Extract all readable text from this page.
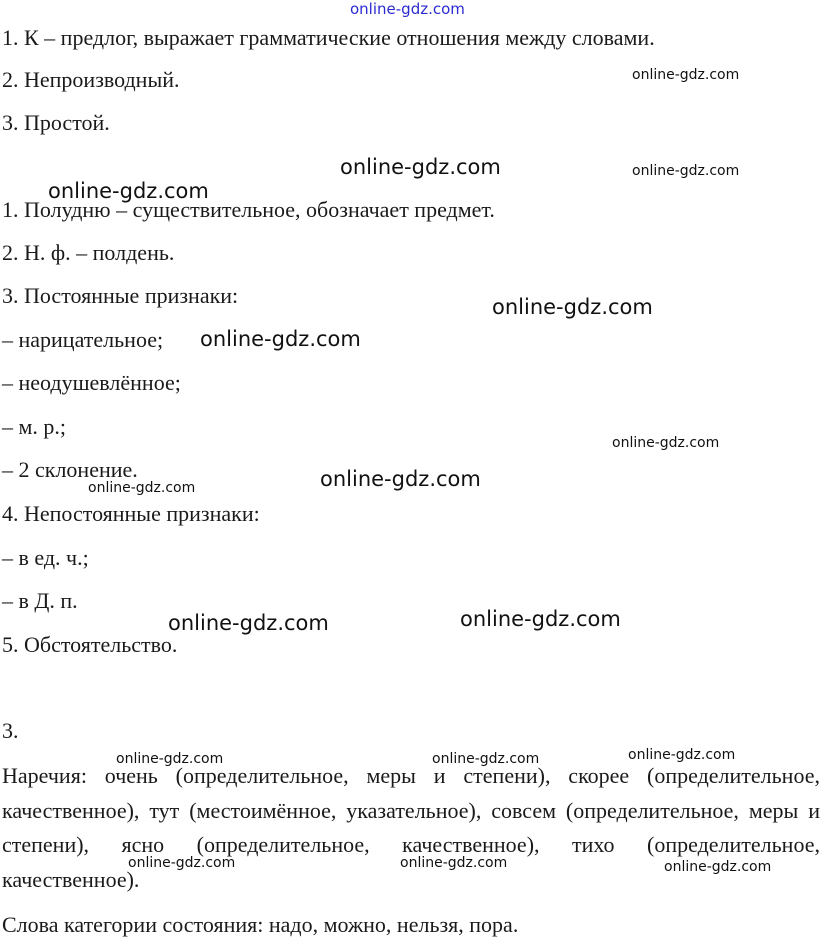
1. К – предлог, выражает грамматические отношения между словами.

2. Непроизводный.

3. Простой.

1. Полудню – существительное, обозначает предмет.

2. Н. ф. – полдень.

3. Постоянные признаки:

– нарицательное;

– неодушевлённое;

– м. р.;

– 2 склонение.

4. Непостоянные признаки:

– в ед. ч.;

– в Д. п.

5. Обстоятельство.

3.

Наречия: очень (определительное, меры и степени), скорее (определительное, качественное), тут (местоимённое, указательное), совсем (определительное, меры и степени), ясно (определительное, качественное), тихо (определительное, качественное).

Слова категории состояния: надо, можно, нельзя, пора.

online-gdz.com

online-gdz.com

online-gdz.com	online-gdz.com

online-gdz.com

online-gdz.com

online-gdz.com

online-gdz.com

online-gdz.com

online-gdz.com

online-gdz.com

online-gdz.com

online-gdz.com

online-gdz.com	online-gdz.com

online-gdz.com	online-gdz.com	online-gdz.com
